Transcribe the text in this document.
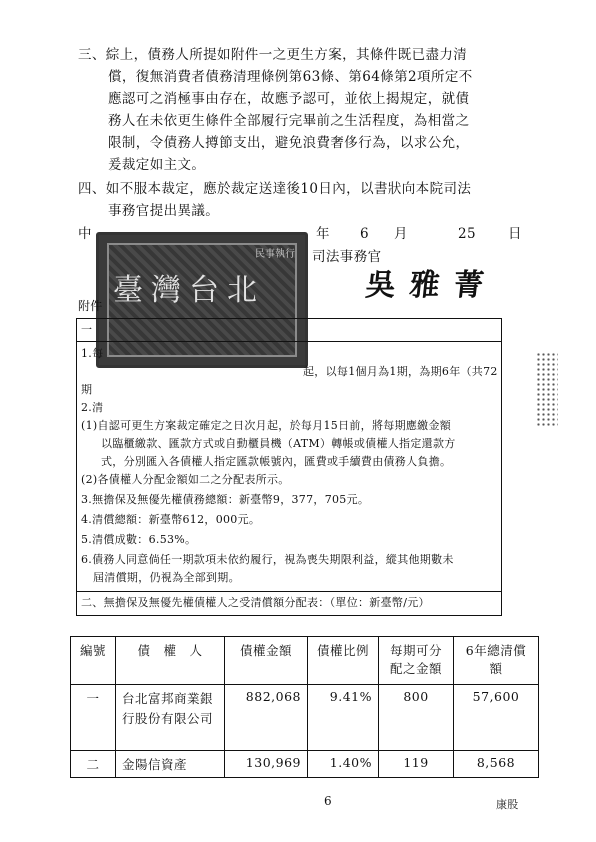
三、綜上，債務人所提如附件一之更生方案，其條件既已盡力清

償，復無消費者債務清理條例第63條、第64條第2項所定不

應認可之消極事由存在，故應予認可，並依上揭規定，就債

務人在未依更生條件全部履行完畢前之生活程度，為相當之

限制，令債務人撙節支出，避免浪費奢侈行為，以求公允，

爰裁定如主文。

四、如不服本裁定，應於裁定送達後10日內，以書狀向本院司法

事務官提出異議。

中	年 6 月	25 日
司法事務官
吳雅菁
民事執行
臺灣台北
附件
一
1.每
起，以每1個月為1期，為期6年（共72
期
2.清
(1)自認可更生方案裁定確定之日次月起，於每月15日前，將每期應繳金額
以臨櫃繳款、匯款方式或自動櫃員機（ATM）轉帳或債權人指定還款方
式，分別匯入各債權人指定匯款帳號內，匯費或手續費由債務人負擔。
(2)各債權人分配金額如二之分配表所示。
3.無擔保及無優先權債務總額：新臺幣9，377，705元。
4.清償總額：新臺幣612，000元。
5.清償成數：6.53%。
6.債務人同意倘任一期款項未依約履行，視為喪失期限利益，縱其他期數未
屆清償期，仍視為全部到期。
二、無擔保及無優先權債權人之受清償額分配表：（單位：新臺幣/元）
編號	債　權　人	債權金額	債權比例	每期可分配之金額	6年總清償額
一	台北富邦商業銀行股份有限公司	882,068	9.41%	800	57,600
二	金陽信資產	130,969	1.40%	119	8,568
6	康股
